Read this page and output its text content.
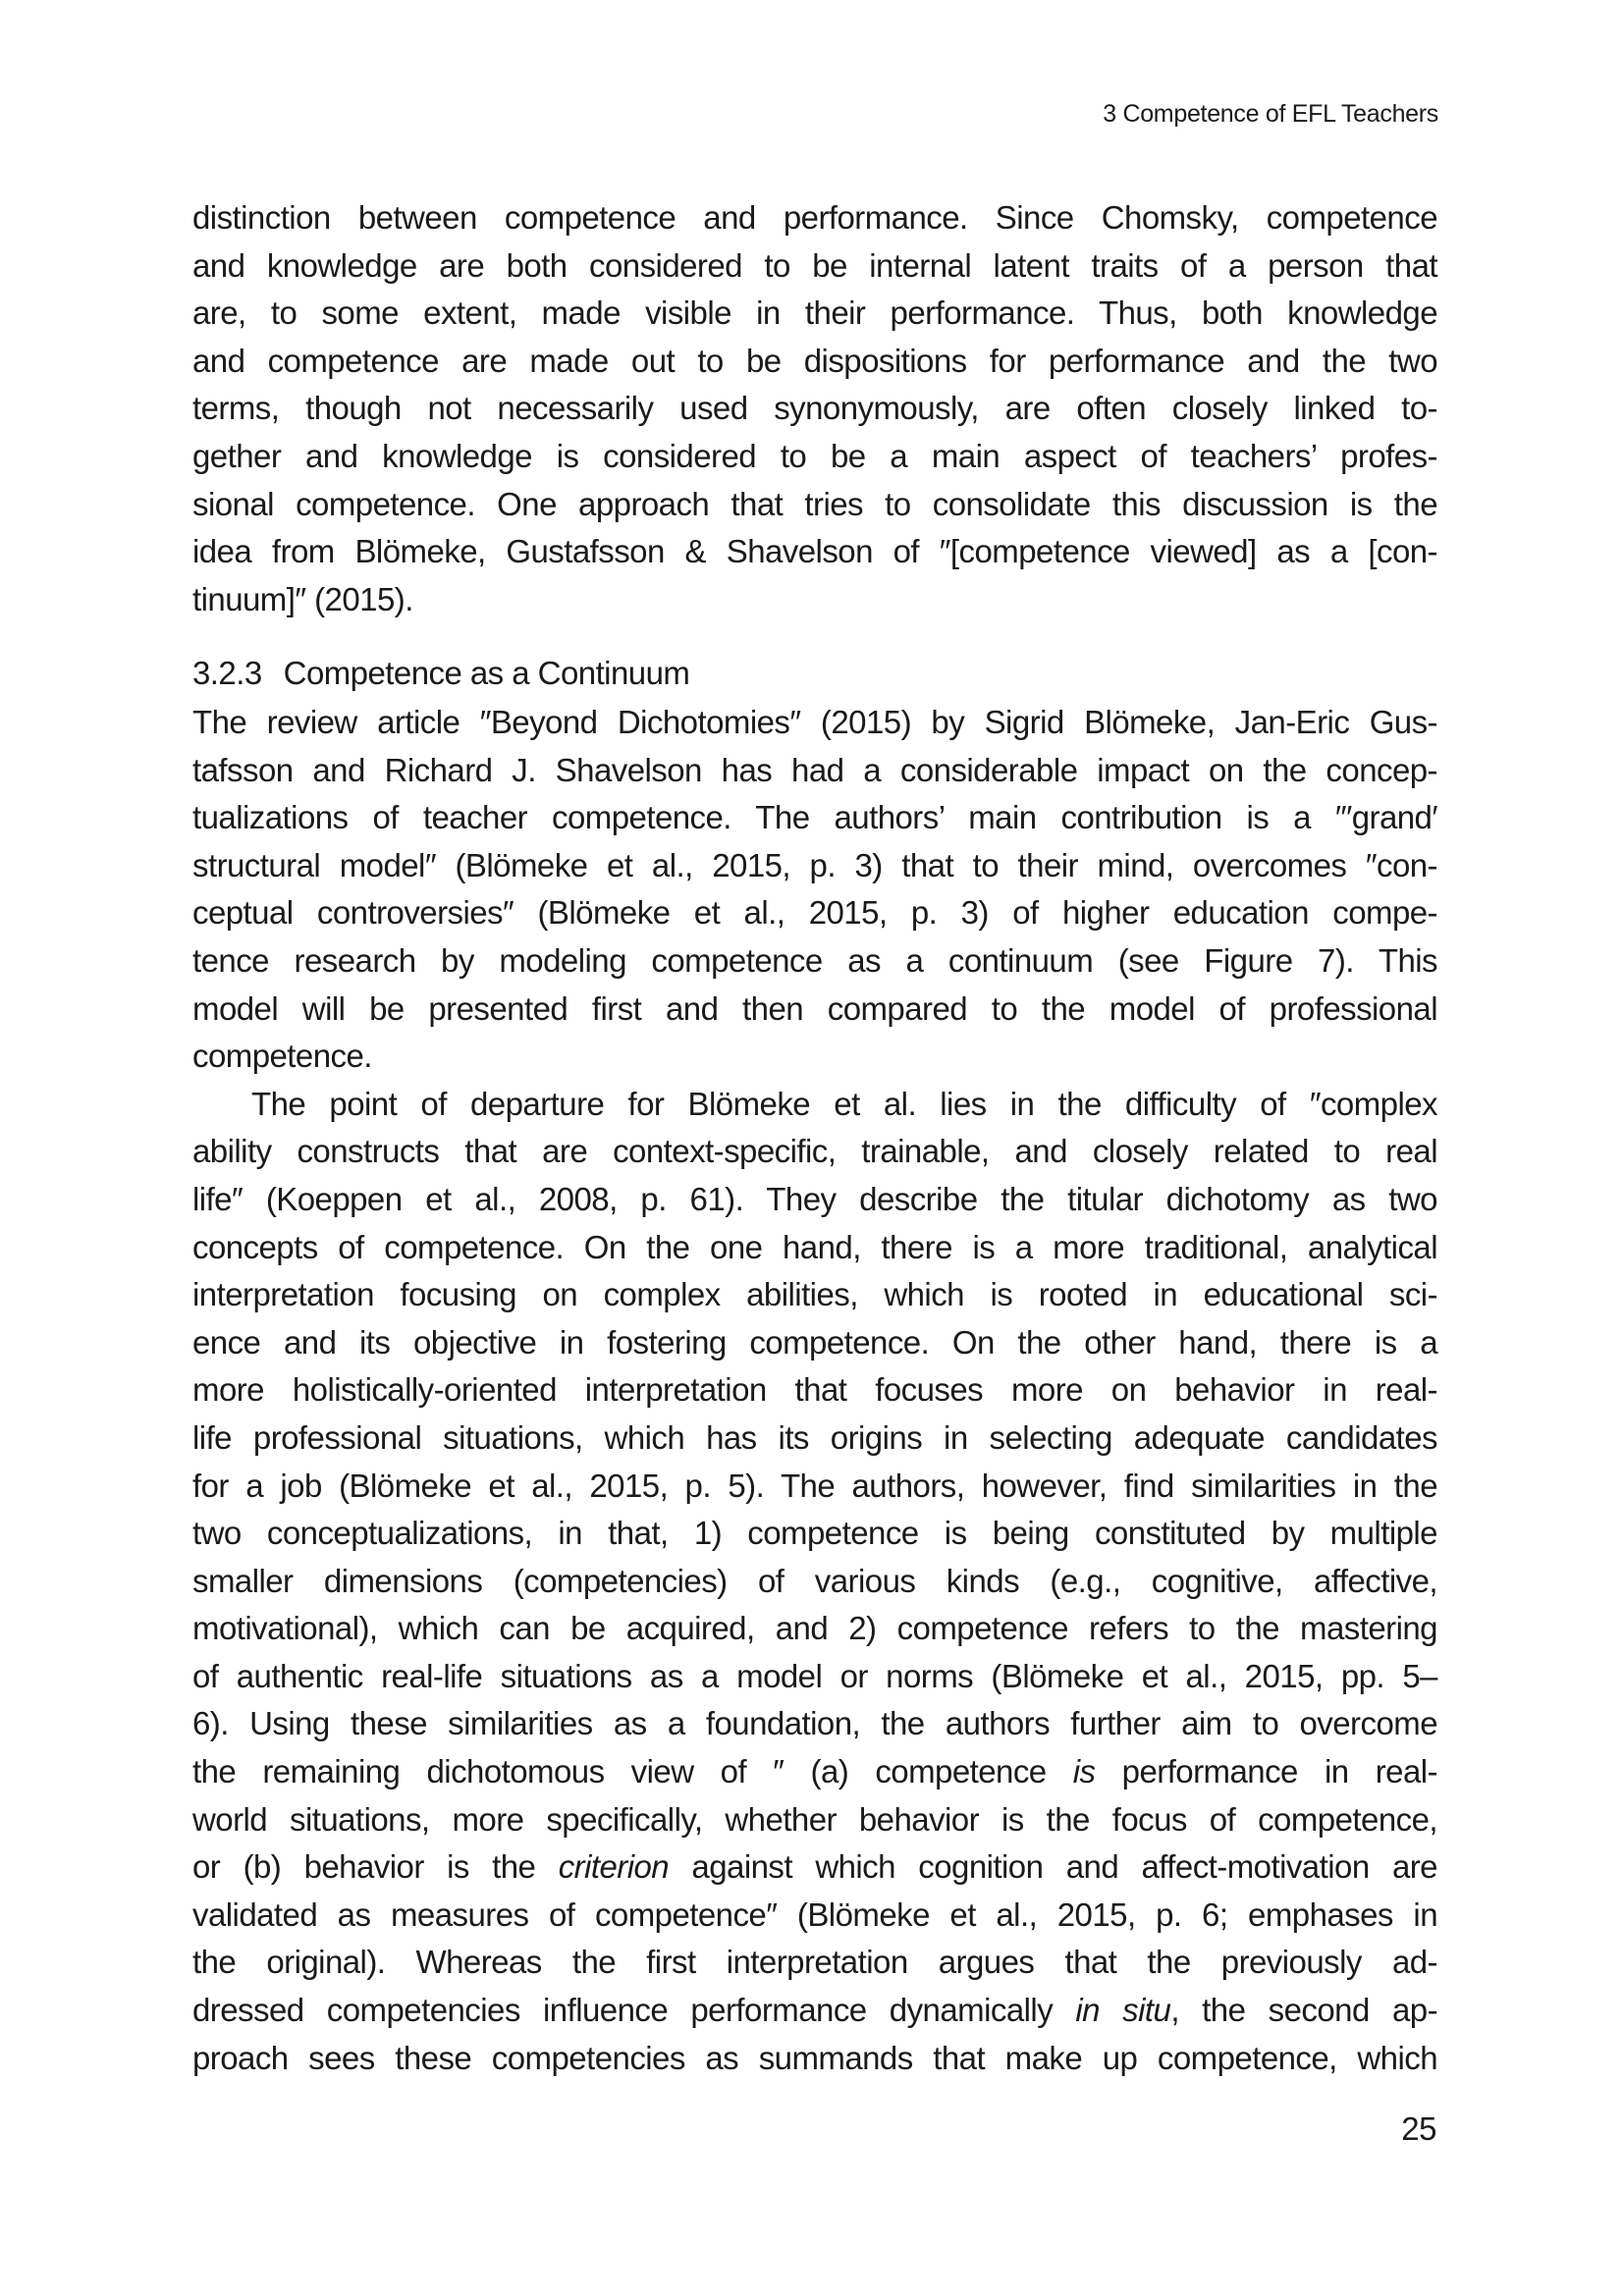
3 Competence of EFL Teachers
distinction between competence and performance. Since Chomsky, competence
and knowledge are both considered to be internal latent traits of a person that
are, to some extent, made visible in their performance. Thus, both knowledge
and competence are made out to be dispositions for performance and the two
terms, though not necessarily used synonymously, are often closely linked to-
gether and knowledge is considered to be a main aspect of teachers’ profes-
sional competence. One approach that tries to consolidate this discussion is the
idea from Blömeke, Gustafsson & Shavelson of ″[competence viewed] as a [con-
tinuum]″ (2015).
3.2.3 Competence as a Continuum
The review article ″Beyond Dichotomies″ (2015) by Sigrid Blömeke, Jan-Eric Gus-
tafsson and Richard J. Shavelson has had a considerable impact on the concep-
tualizations of teacher competence. The authors’ main contribution is a ″′grand′
structural model″ (Blömeke et al., 2015, p. 3) that to their mind, overcomes ″con-
ceptual controversies″ (Blömeke et al., 2015, p. 3) of higher education compe-
tence research by modeling competence as a continuum (see Figure 7). This
model will be presented first and then compared to the model of professional
competence.
The point of departure for Blömeke et al. lies in the difficulty of ″complex
ability constructs that are context-specific, trainable, and closely related to real
life″ (Koeppen et al., 2008, p. 61). They describe the titular dichotomy as two
concepts of competence. On the one hand, there is a more traditional, analytical
interpretation focusing on complex abilities, which is rooted in educational sci-
ence and its objective in fostering competence. On the other hand, there is a
more holistically-oriented interpretation that focuses more on behavior in real-
life professional situations, which has its origins in selecting adequate candidates
for a job (Blömeke et al., 2015, p. 5). The authors, however, find similarities in the
two conceptualizations, in that, 1) competence is being constituted by multiple
smaller dimensions (competencies) of various kinds (e.g., cognitive, affective,
motivational), which can be acquired, and 2) competence refers to the mastering
of authentic real-life situations as a model or norms (Blömeke et al., 2015, pp. 5–
6). Using these similarities as a foundation, the authors further aim to overcome
the remaining dichotomous view of ″ (a) competence is performance in real-
world situations, more specifically, whether behavior is the focus of competence,
or (b) behavior is the criterion against which cognition and affect-motivation are
validated as measures of competence″ (Blömeke et al., 2015, p. 6; emphases in
the original). Whereas the first interpretation argues that the previously ad-
dressed competencies influence performance dynamically in situ, the second ap-
proach sees these competencies as summands that make up competence, which
25
